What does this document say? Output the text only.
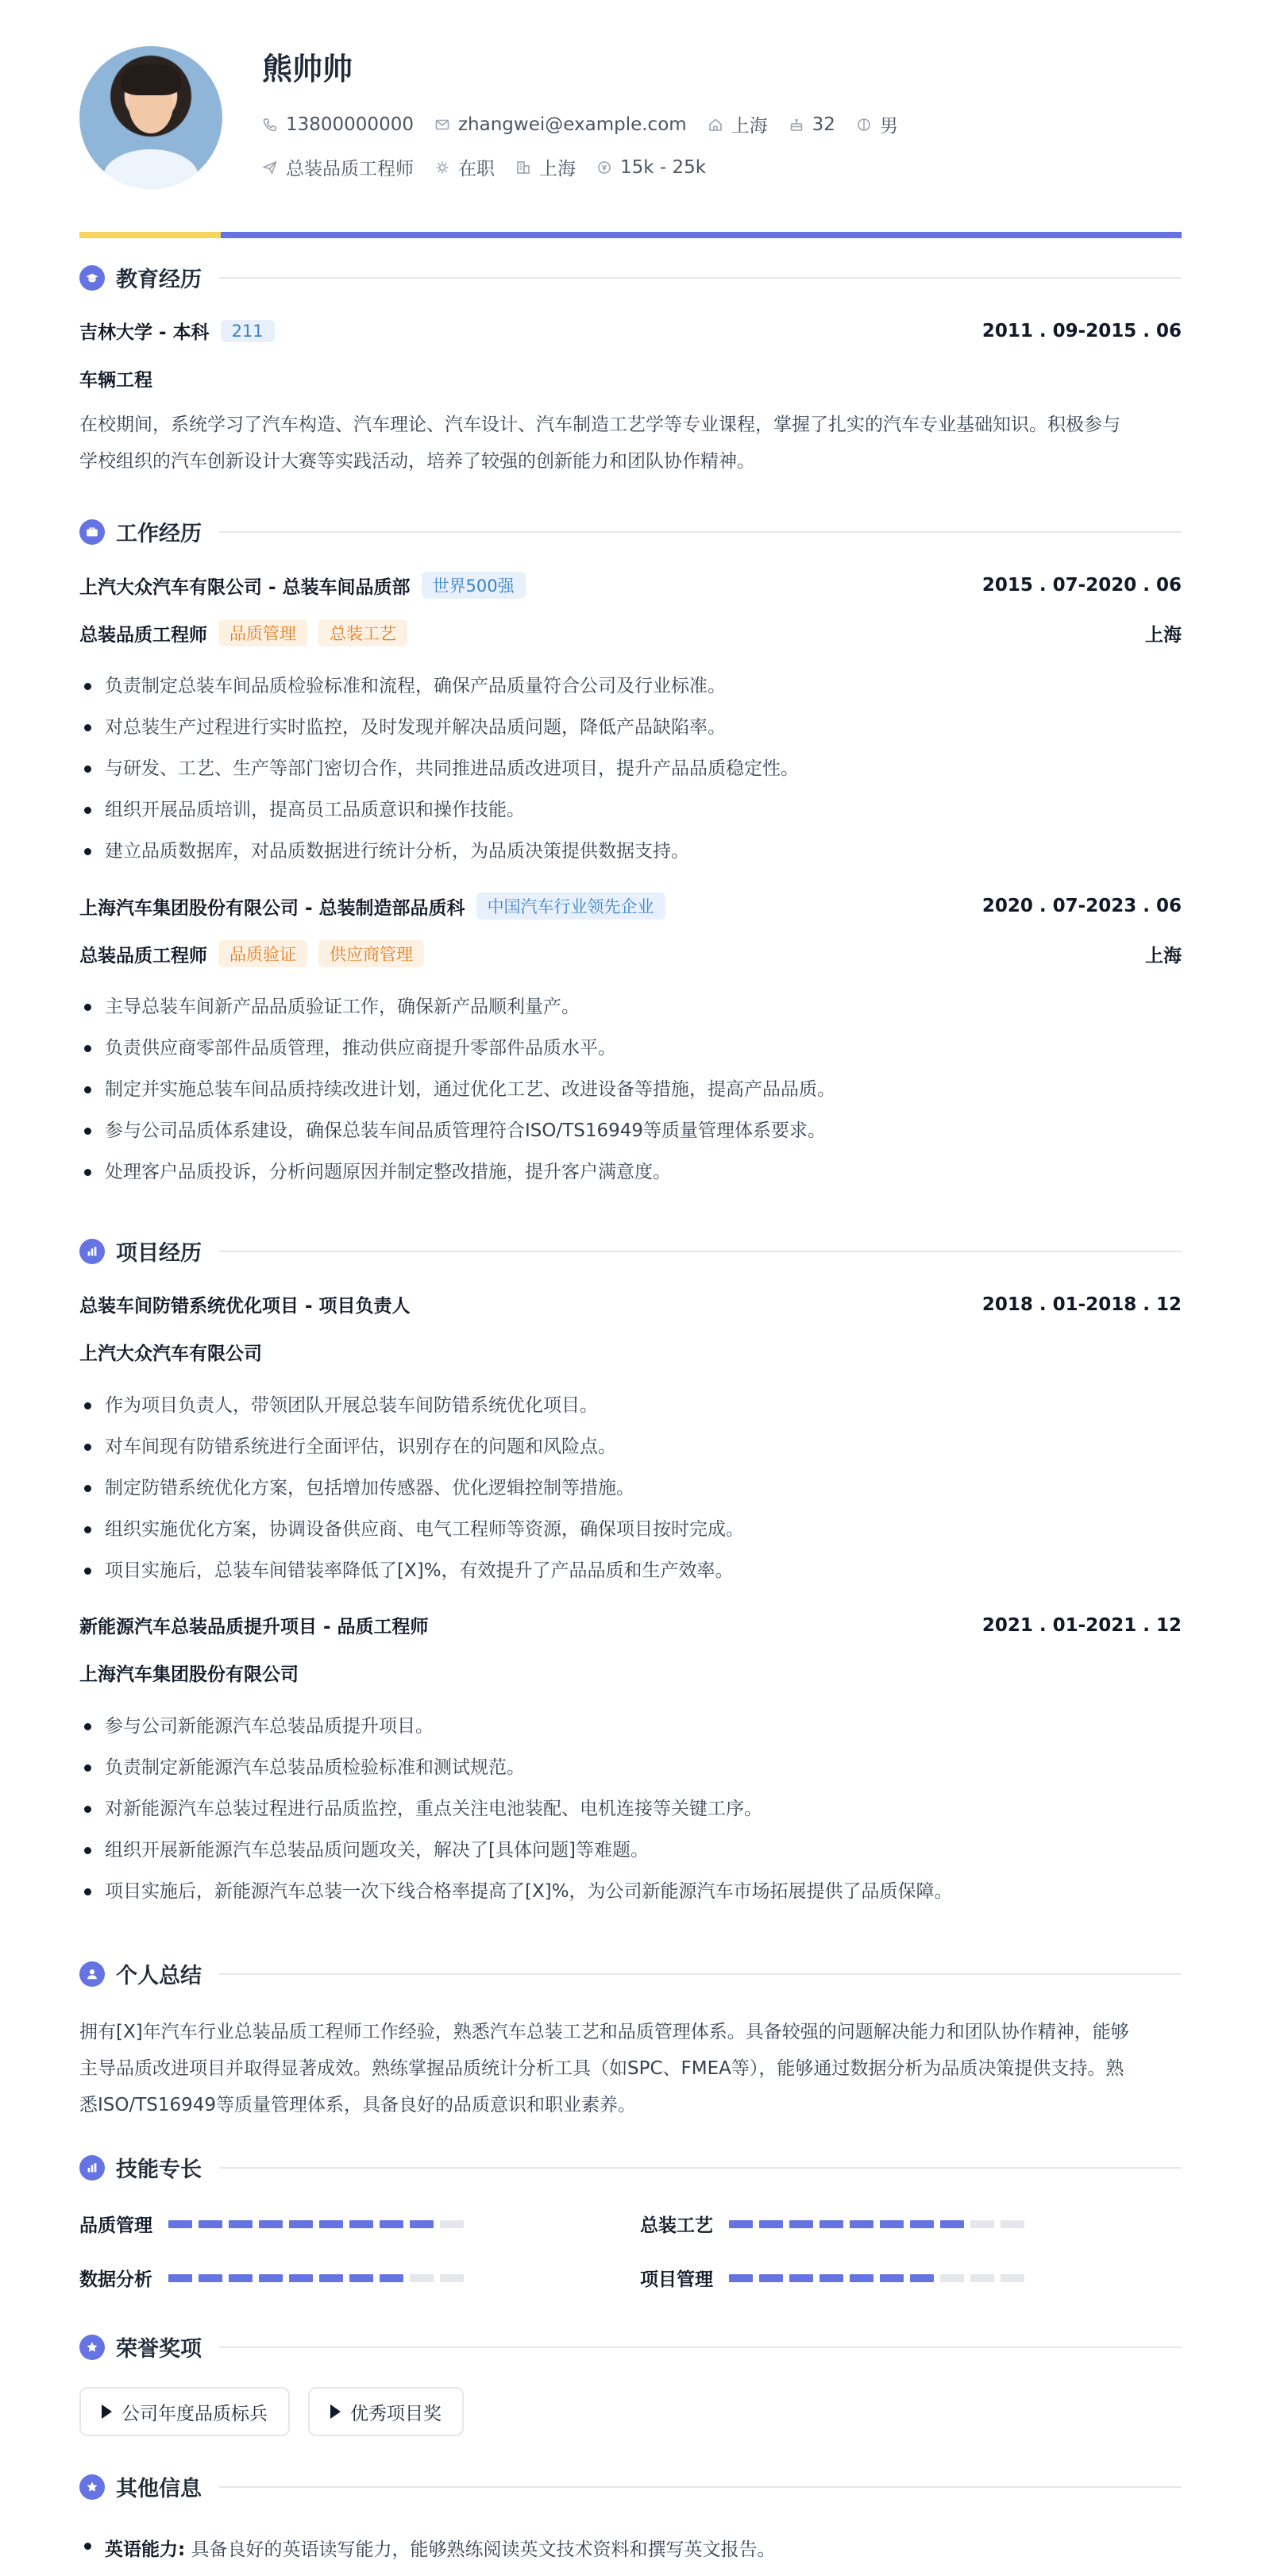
熊帅帅
13800000000 zhangwei@example.com 上海 32 男
总装品质工程师 在职 上海 15k - 25k
教育经历
吉林大学 - 本科	211	2011 . 09-2015 . 06
车辆工程
在校期间，系统学习了汽车构造、汽车理论、汽车设计、汽车制造工艺学等专业课程，掌握了扎实的汽车专业基础知识。积极参与
学校组织的汽车创新设计大赛等实践活动，培养了较强的创新能力和团队协作精神。
工作经历
上汽大众汽车有限公司 - 总装车间品质部	世界500强	2015 . 07-2020 . 06
总装品质工程师	品质管理	总装工艺	上海
负责制定总装车间品质检验标准和流程，确保产品质量符合公司及行业标准。
对总装生产过程进行实时监控，及时发现并解决品质问题，降低产品缺陷率。
与研发、工艺、生产等部门密切合作，共同推进品质改进项目，提升产品品质稳定性。
组织开展品质培训，提高员工品质意识和操作技能。
建立品质数据库，对品质数据进行统计分析，为品质决策提供数据支持。
上海汽车集团股份有限公司 - 总装制造部品质科	中国汽车行业领先企业	2020 . 07-2023 . 06
总装品质工程师	品质验证	供应商管理	上海
主导总装车间新产品品质验证工作，确保新产品顺利量产。
负责供应商零部件品质管理，推动供应商提升零部件品质水平。
制定并实施总装车间品质持续改进计划，通过优化工艺、改进设备等措施，提高产品品质。
参与公司品质体系建设，确保总装车间品质管理符合ISO/TS16949等质量管理体系要求。
处理客户品质投诉，分析问题原因并制定整改措施，提升客户满意度。
项目经历
总装车间防错系统优化项目 - 项目负责人	2018 . 01-2018 . 12
上汽大众汽车有限公司
作为项目负责人，带领团队开展总装车间防错系统优化项目。
对车间现有防错系统进行全面评估，识别存在的问题和风险点。
制定防错系统优化方案，包括增加传感器、优化逻辑控制等措施。
组织实施优化方案，协调设备供应商、电气工程师等资源，确保项目按时完成。
项目实施后，总装车间错装率降低了[X]%，有效提升了产品品质和生产效率。
新能源汽车总装品质提升项目 - 品质工程师	2021 . 01-2021 . 12
上海汽车集团股份有限公司
参与公司新能源汽车总装品质提升项目。
负责制定新能源汽车总装品质检验标准和测试规范。
对新能源汽车总装过程进行品质监控，重点关注电池装配、电机连接等关键工序。
组织开展新能源汽车总装品质问题攻关，解决了[具体问题]等难题。
项目实施后，新能源汽车总装一次下线合格率提高了[X]%，为公司新能源汽车市场拓展提供了品质保障。
个人总结
拥有[X]年汽车行业总装品质工程师工作经验，熟悉汽车总装工艺和品质管理体系。具备较强的问题解决能力和团队协作精神，能够
主导品质改进项目并取得显著成效。熟练掌握品质统计分析工具（如SPC、FMEA等），能够通过数据分析为品质决策提供支持。熟
悉ISO/TS16949等质量管理体系，具备良好的品质意识和职业素养。
技能专长
品质管理	总装工艺
数据分析	项目管理
荣誉奖项
公司年度品质标兵	优秀项目奖
其他信息
英语能力: 具备良好的英语读写能力，能够熟练阅读英文技术资料和撰写英文报告。
